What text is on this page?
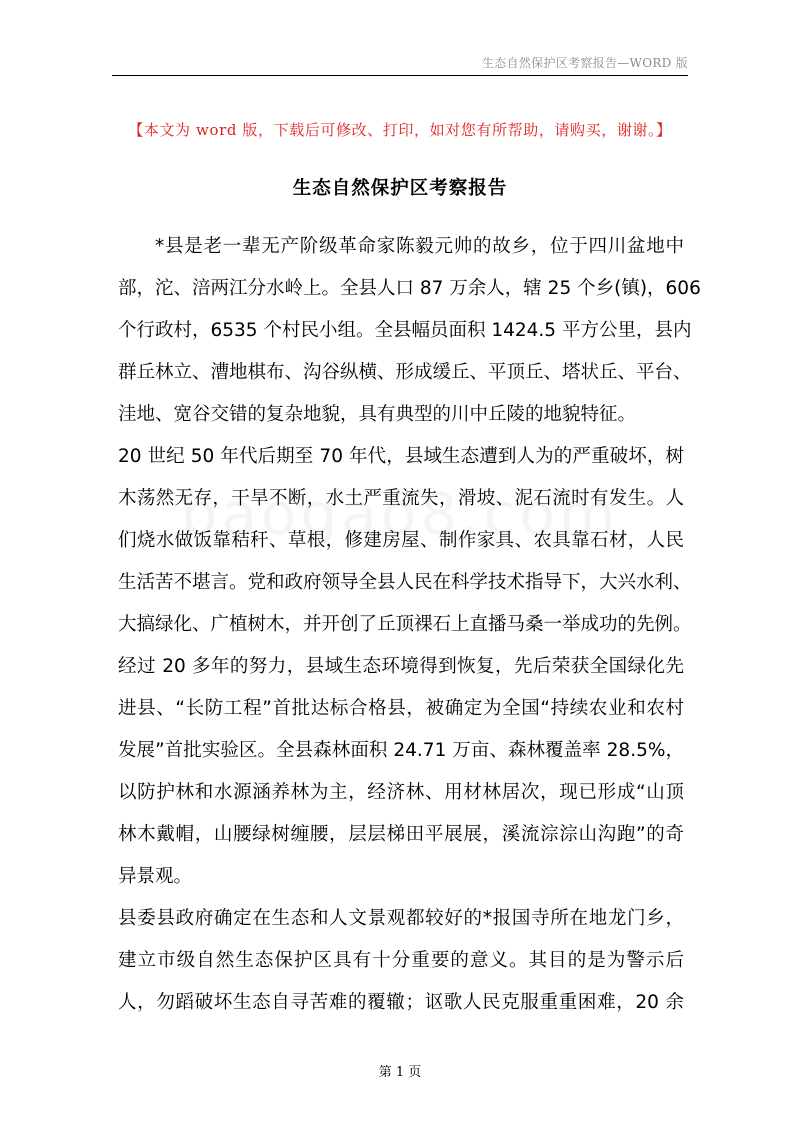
生态自然保护区考察报告—WORD 版
【本文为 word 版，下载后可修改、打印，如对您有所帮助，请购买，谢谢。】
生态自然保护区考察报告
*县是老一辈无产阶级革命家陈毅元帅的故乡，位于四川盆地中
部，沱、涪两江分水岭上。全县人口 87 万余人，辖 25 个乡(镇)，606
个行政村，6535 个村民小组。全县幅员面积 1424.5 平方公里，县内
群丘林立、漕地棋布、沟谷纵横、形成缓丘、平顶丘、塔状丘、平台、
洼地、宽谷交错的复杂地貌，具有典型的川中丘陵的地貌特征。
20 世纪 50 年代后期至 70 年代，县域生态遭到人为的严重破坏，树
木荡然无存，干旱不断，水土严重流失，滑坡、泥石流时有发生。人
们烧水做饭靠秸秆、草根，修建房屋、制作家具、农具靠石材，人民
生活苦不堪言。党和政府领导全县人民在科学技术指导下，大兴水利、
大搞绿化、广植树木，并开创了丘顶裸石上直播马桑一举成功的先例。
经过 20 多年的努力，县域生态环境得到恢复，先后荣获全国绿化先
进县、“长防工程”首批达标合格县，被确定为全国“持续农业和农村
发展”首批实验区。全县森林面积 24.71 万亩、森林覆盖率 28.5%，
以防护林和水源涵养林为主，经济林、用材林居次，现已形成“山顶
林木戴帽，山腰绿树缠腰，层层梯田平展展，溪流淙淙山沟跑”的奇
异景观。
县委县政府确定在生态和人文景观都较好的*报国寺所在地龙门乡，
建立市级自然生态保护区具有十分重要的意义。其目的是为警示后
人，勿蹈破坏生态自寻苦难的覆辙；讴歌人民克服重重困难，20 余
第 1 页
